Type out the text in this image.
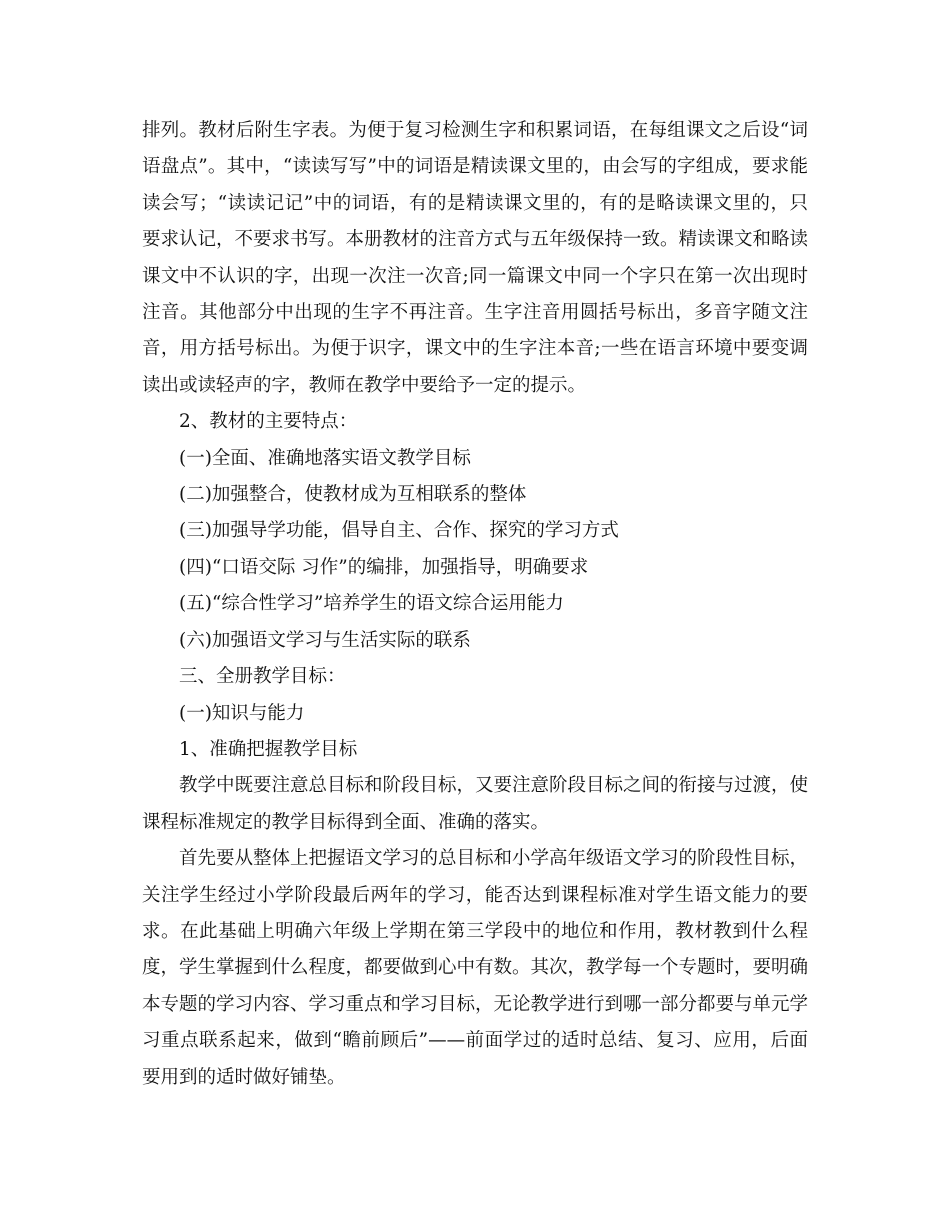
排列。教材后附生字表。为便于复习检测生字和积累词语，在每组课文之后设“词语盘点”。其中，“读读写写”中的词语是精读课文里的，由会写的字组成，要求能读会写；“读读记记”中的词语，有的是精读课文里的，有的是略读课文里的，只要求认记，不要求书写。本册教材的注音方式与五年级保持一致。精读课文和略读课文中不认识的字，出现一次注一次音;同一篇课文中同一个字只在第一次出现时注音。其他部分中出现的生字不再注音。生字注音用圆括号标出，多音字随文注音，用方括号标出。为便于识字，课文中的生字注本音;一些在语言环境中要变调读出或读轻声的字，教师在教学中要给予一定的提示。

2、教材的主要特点：

(一)全面、准确地落实语文教学目标

(二)加强整合，使教材成为互相联系的整体

(三)加强导学功能，倡导自主、合作、探究的学习方式

(四)“口语交际 习作”的编排，加强指导，明确要求

(五)“综合性学习”培养学生的语文综合运用能力

(六)加强语文学习与生活实际的联系

三、全册教学目标：

(一)知识与能力

1、准确把握教学目标

教学中既要注意总目标和阶段目标，又要注意阶段目标之间的衔接与过渡，使课程标准规定的教学目标得到全面、准确的落实。

首先要从整体上把握语文学习的总目标和小学高年级语文学习的阶段性目标，关注学生经过小学阶段最后两年的学习，能否达到课程标准对学生语文能力的要求。在此基础上明确六年级上学期在第三学段中的地位和作用，教材教到什么程度，学生掌握到什么程度，都要做到心中有数。其次，教学每一个专题时，要明确本专题的学习内容、学习重点和学习目标，无论教学进行到哪一部分都要与单元学习重点联系起来，做到“瞻前顾后”——前面学过的适时总结、复习、应用，后面要用到的适时做好铺垫。
